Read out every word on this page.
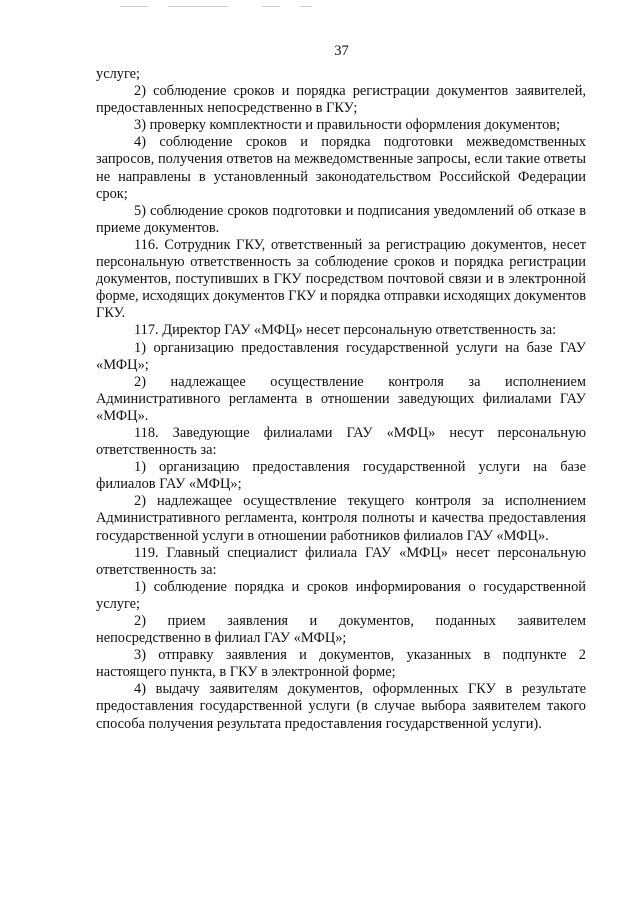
37

услуге;

2) соблюдение сроков и порядка регистрации документов заявителей, предоставленных непосредственно в ГКУ;

3) проверку комплектности и правильности оформления документов;

4) соблюдение сроков и порядка подготовки межведомственных запросов, получения ответов на межведомственные запросы, если такие ответы не направлены в установленный законодательством Российской Федерации срок;

5) соблюдение сроков подготовки и подписания уведомлений об отказе в приеме документов.

116. Сотрудник ГКУ, ответственный за регистрацию документов, несет персональную ответственность за соблюдение сроков и порядка регистрации документов, поступивших в ГКУ посредством почтовой связи и в электронной форме, исходящих документов ГКУ и порядка отправки исходящих документов ГКУ.

117. Директор ГАУ «МФЦ» несет персональную ответственность за:

1) организацию предоставления государственной услуги на базе ГАУ «МФЦ»;

2) надлежащее осуществление контроля за исполнением Административного регламента в отношении заведующих филиалами ГАУ «МФЦ».

118. Заведующие филиалами ГАУ «МФЦ» несут персональную ответственность за:

1) организацию предоставления государственной услуги на базе филиалов ГАУ «МФЦ»;

2) надлежащее осуществление текущего контроля за исполнением Административного регламента, контроля полноты и качества предоставления государственной услуги в отношении работников филиалов ГАУ «МФЦ».

119. Главный специалист филиала ГАУ «МФЦ» несет персональную ответственность за:

1) соблюдение порядка и сроков информирования о государственной услуге;

2) прием заявления и документов, поданных заявителем непосредственно в филиал ГАУ «МФЦ»;

3) отправку заявления и документов, указанных в подпункте 2 настоящего пункта, в ГКУ в электронной форме;

4) выдачу заявителям документов, оформленных ГКУ в результате предоставления государственной услуги (в случае выбора заявителем такого способа получения результата предоставления государственной услуги).
